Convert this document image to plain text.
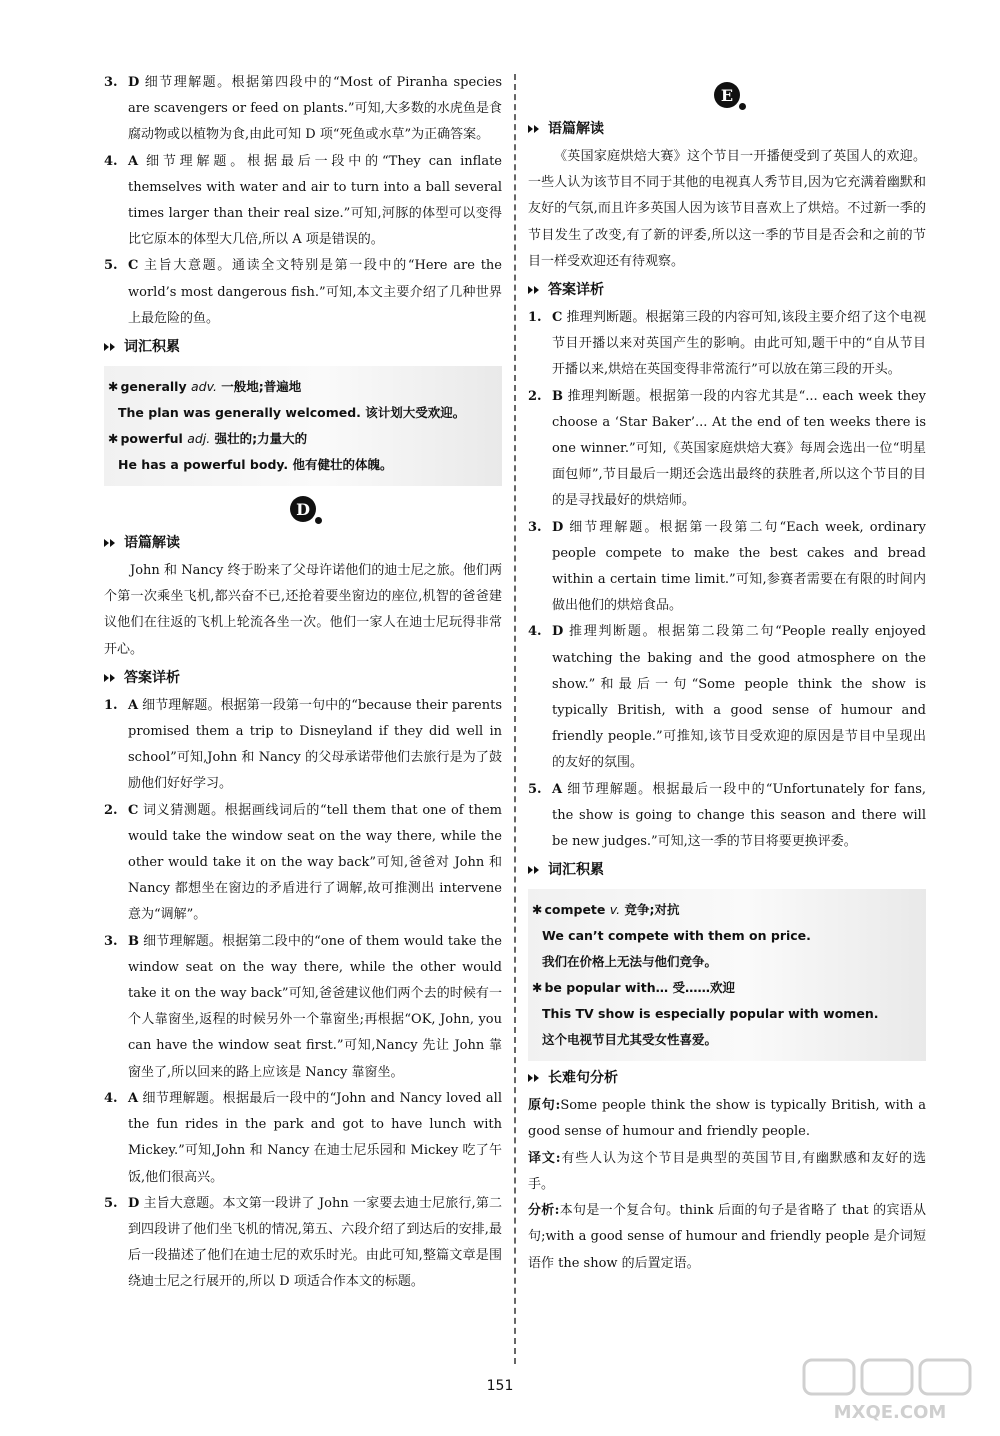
3. D 细节理解题。根据第四段中的“Most of Piranha species are scavengers or feed on plants.”可知,大多数的水虎鱼是食腐动物或以植物为食,由此可知 D 项“死鱼或水草”为正确答案。

4. A 细节理解题。根据最后一段中的“They can inflate themselves with water and air to turn into a ball several times larger than their real size.”可知,河豚的体型可以变得比它原本的体型大几倍,所以 A 项是错误的。

5. C 主旨大意题。通读全文特别是第一段中的“Here are the world’s most dangerous fish.”可知,本文主要介绍了几种世界上最危险的鱼。

词汇积累
✱ generally adv. 一般地;普遍地
The plan was generally welcomed. 该计划大受欢迎。
✱ powerful adj. 强壮的;力量大的
He has a powerful body. 他有健壮的体魄。
D
语篇解读

John 和 Nancy 终于盼来了父母许诺他们的迪士尼之旅。他们两个第一次乘坐飞机,都兴奋不已,还抢着要坐窗边的座位,机智的爸爸建议他们在往返的飞机上轮流各坐一次。他们一家人在迪士尼玩得非常开心。

答案详析

1. A 细节理解题。根据第一段第一句中的“because their parents promised them a trip to Disneyland if they did well in school”可知,John 和 Nancy 的父母承诺带他们去旅行是为了鼓励他们好好学习。

2. C 词义猜测题。根据画线词后的“tell them that one of them would take the window seat on the way there, while the other would take it on the way back”可知,爸爸对 John 和 Nancy 都想坐在窗边的矛盾进行了调解,故可推测出 intervene 意为“调解”。

3. B 细节理解题。根据第二段中的“one of them would take the window seat on the way there, while the other would take it on the way back”可知,爸爸建议他们两个去的时候有一个人靠窗坐,返程的时候另外一个靠窗坐;再根据“OK, John, you can have the window seat first.”可知,Nancy 先让 John 靠窗坐了,所以回来的路上应该是 Nancy 靠窗坐。

4. A 细节理解题。根据最后一段中的“John and Nancy loved all the fun rides in the park and got to have lunch with Mickey.”可知,John 和 Nancy 在迪士尼乐园和 Mickey 吃了午饭,他们很高兴。

5. D 主旨大意题。本文第一段讲了 John 一家要去迪士尼旅行,第二到四段讲了他们坐飞机的情况,第五、六段介绍了到达后的安排,最后一段描述了他们在迪士尼的欢乐时光。由此可知,整篇文章是围绕迪士尼之行展开的,所以 D 项适合作本文的标题。

E
语篇解读

《英国家庭烘焙大赛》这个节目一开播便受到了英国人的欢迎。一些人认为该节目不同于其他的电视真人秀节目,因为它充满着幽默和友好的气氛,而且许多英国人因为该节目喜欢上了烘焙。不过新一季的节目发生了改变,有了新的评委,所以这一季的节目是否会和之前的节目一样受欢迎还有待观察。

答案详析

1. C 推理判断题。根据第三段的内容可知,该段主要介绍了这个电视节目开播以来对英国产生的影响。由此可知,题干中的“自从节目开播以来,烘焙在英国变得非常流行”可以放在第三段的开头。

2. B 推理判断题。根据第一段的内容尤其是“... each week they choose a ‘Star Baker’... At the end of ten weeks there is one winner.”可知,《英国家庭烘焙大赛》每周会选出一位“明星面包师”,节目最后一期还会选出最终的获胜者,所以这个节目的目的是寻找最好的烘焙师。

3. D 细节理解题。根据第一段第二句“Each week, ordinary people compete to make the best cakes and bread within a certain time limit.”可知,参赛者需要在有限的时间内做出他们的烘焙食品。

4. D 推理判断题。根据第二段第二句“People really enjoyed watching the baking and the good atmosphere on the show.”和最后一句“Some people think the show is typically British, with a good sense of humour and friendly people.”可推知,该节目受欢迎的原因是节目中呈现出的友好的氛围。

5. A 细节理解题。根据最后一段中的“Unfortunately for fans, the show is going to change this season and there will be new judges.”可知,这一季的节目将要更换评委。

词汇积累
✱ compete v. 竞争;对抗
We can’t compete with them on price.
我们在价格上无法与他们竞争。
✱ be popular with… 受……欢迎
This TV show is especially popular with women.
这个电视节目尤其受女性喜爱。
长难句分析

原句:Some people think the show is typically British, with a good sense of humour and friendly people.

译文:有些人认为这个节目是典型的英国节目,有幽默感和友好的选手。

分析:本句是一个复合句。think 后面的句子是省略了 that 的宾语从句;with a good sense of humour and friendly people 是介词短语作 the show 的后置定语。

151
MXQE.COM
